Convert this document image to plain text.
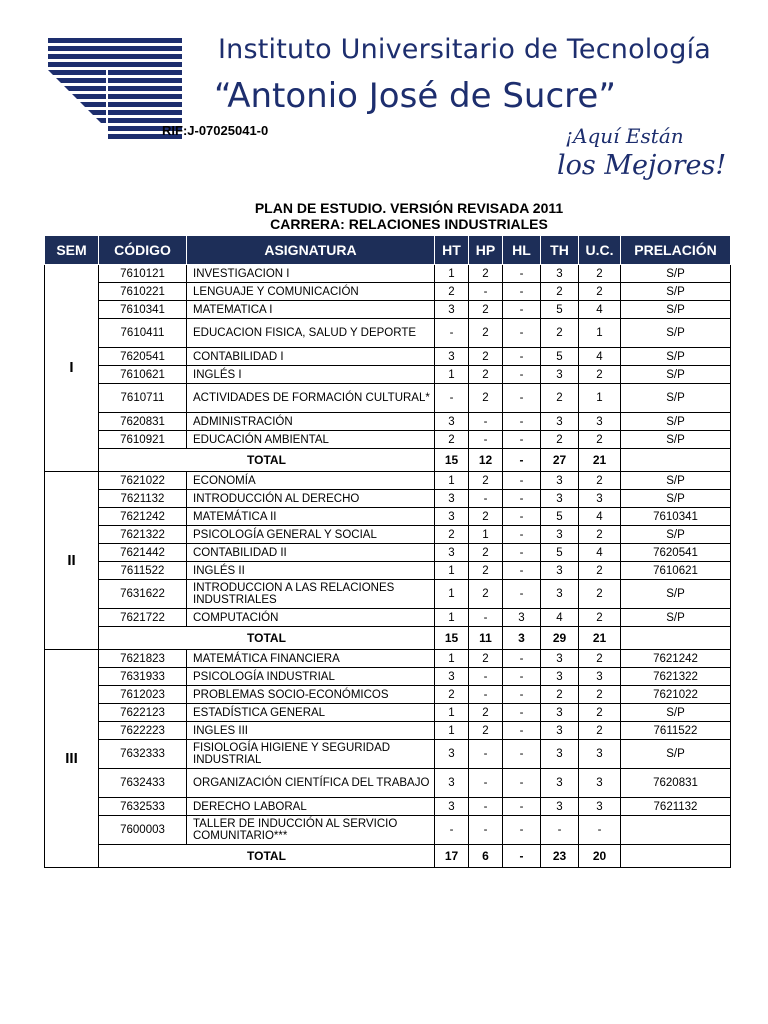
Instituto Universitario de Tecnología
“Antonio José de Sucre”
RIF:J-07025041-0	¡Aquí Están
los Mejores!
PLAN DE ESTUDIO. VERSIÓN REVISADA 2011
CARRERA: RELACIONES INDUSTRIALES
SEM	CÓDIGO	ASIGNATURA	HT	HP	HL	TH	U.C.	PRELACIÓN
I	7610121	INVESTIGACION I	1	2	-	3	2	S/P
	7610221	LENGUAJE Y COMUNICACIÓN	2	-	-	2	2	S/P
	7610341	MATEMATICA I	3	2	-	5	4	S/P
	7610411	EDUCACION FISICA, SALUD Y DEPORTE	-	2	-	2	1	S/P
	7620541	CONTABILIDAD I	3	2	-	5	4	S/P
	7610621	INGLÉS I	1	2	-	3	2	S/P
	7610711	ACTIVIDADES DE FORMACIÓN CULTURAL*	-	2	-	2	1	S/P
	7620831	ADMINISTRACIÓN	3	-	-	3	3	S/P
	7610921	EDUCACIÓN AMBIENTAL	2	-	-	2	2	S/P
	TOTAL		15	12	-	27	21	
II	7621022	ECONOMÍA	1	2	-	3	2	S/P
	7621132	INTRODUCCIÓN AL DERECHO	3	-	-	3	3	S/P
	7621242	MATEMÁTICA II	3	2	-	5	4	7610341
	7621322	PSICOLOGÍA GENERAL Y SOCIAL	2	1	-	3	2	S/P
	7621442	CONTABILIDAD II	3	2	-	5	4	7620541
	7611522	INGLÉS II	1	2	-	3	2	7610621
	7631622	INTRODUCCION A LAS RELACIONES INDUSTRIALES	1	2	-	3	2	S/P
	7621722	COMPUTACIÓN	1	-	3	4	2	S/P
	TOTAL		15	11	3	29	21	
III	7621823	MATEMÁTICA FINANCIERA	1	2	-	3	2	7621242
	7631933	PSICOLOGÍA INDUSTRIAL	3	-	-	3	3	7621322
	7612023	PROBLEMAS SOCIO-ECONÓMICOS	2	-	-	2	2	7621022
	7622123	ESTADÍSTICA GENERAL	1	2	-	3	2	S/P
	7622223	INGLES III	1	2	-	3	2	7611522
	7632333	FISIOLOGÍA HIGIENE Y SEGURIDAD INDUSTRIAL	3	-	-	3	3	S/P
	7632433	ORGANIZACIÓN CIENTÍFICA DEL TRABAJO	3	-	-	3	3	7620831
	7632533	DERECHO LABORAL	3	-	-	3	3	7621132
	7600003	TALLER DE INDUCCIÓN AL SERVICIO COMUNITARIO***	-	-	-	-	-	
	TOTAL		17	6	-	23	20	
